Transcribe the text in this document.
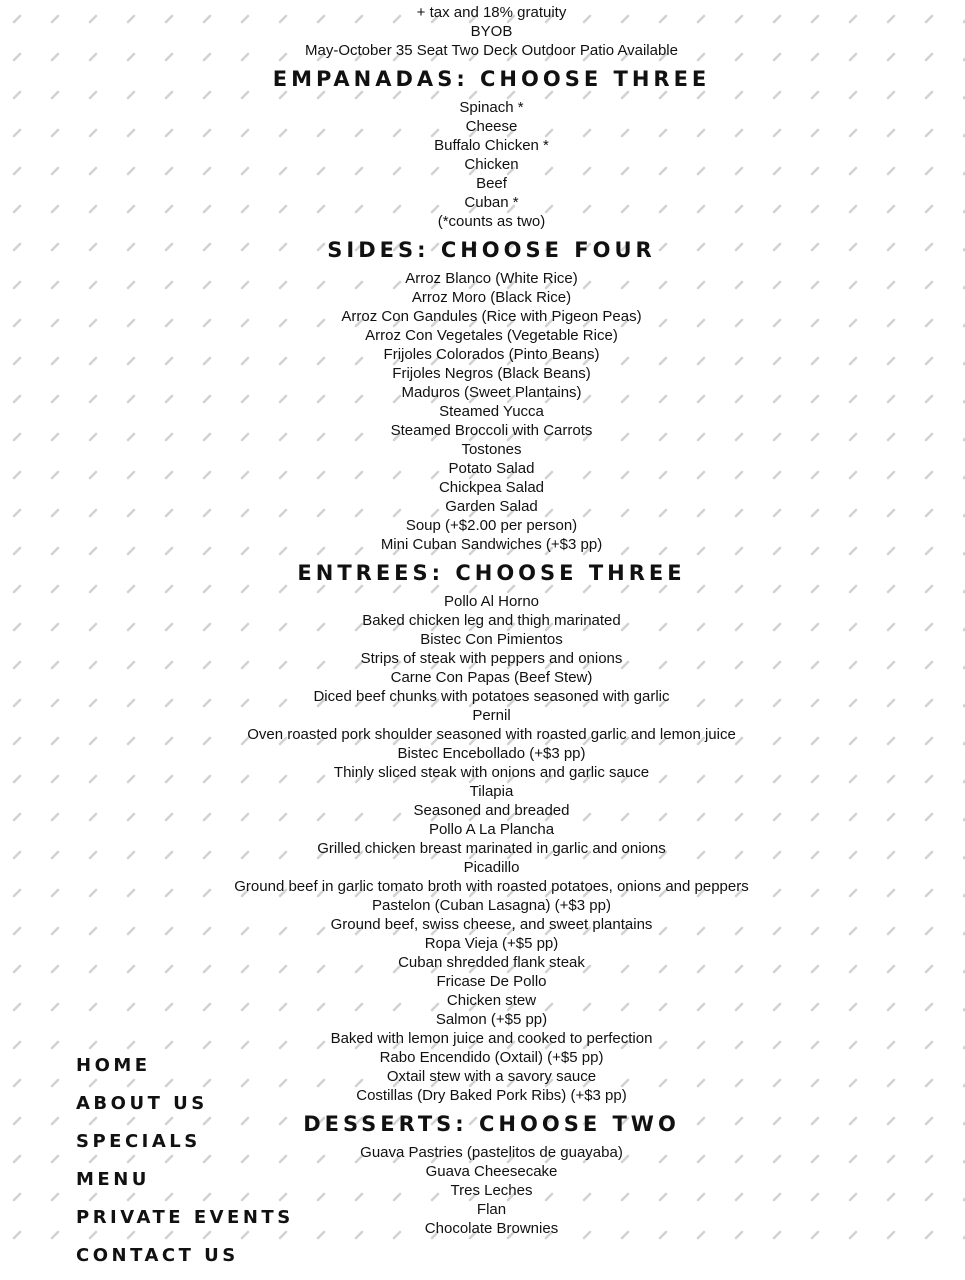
+ tax and 18% gratuity
BYOB
May-October 35 Seat Two Deck Outdoor Patio Available
EMPANADAS: CHOOSE THREE
Spinach *
Cheese
Buffalo Chicken *
Chicken
Beef
Cuban *
(*counts as two)
SIDES: CHOOSE FOUR
Arroz Blanco (White Rice)
Arroz Moro (Black Rice)
Arroz Con Gandules (Rice with Pigeon Peas)
Arroz Con Vegetales (Vegetable Rice)
Frijoles Colorados (Pinto Beans)
Frijoles Negros (Black Beans)
Maduros (Sweet Plantains)
Steamed Yucca
Steamed Broccoli with Carrots
Tostones
Potato Salad
Chickpea Salad
Garden Salad
Soup (+$2.00 per person)
Mini Cuban Sandwiches (+$3 pp)
ENTREES: CHOOSE THREE
Pollo Al Horno
Baked chicken leg and thigh marinated
Bistec Con Pimientos
Strips of steak with peppers and onions
Carne Con Papas (Beef Stew)
Diced beef chunks with potatoes seasoned with garlic
Pernil
Oven roasted pork shoulder seasoned with roasted garlic and lemon juice
Bistec Encebollado (+$3 pp)
Thinly sliced steak with onions and garlic sauce
Tilapia
Seasoned and breaded
Pollo A La Plancha
Grilled chicken breast marinated in garlic and onions
Picadillo
Ground beef in garlic tomato broth with roasted potatoes, onions and peppers
Pastelon (Cuban Lasagna) (+$3 pp)
Ground beef, swiss cheese, and sweet plantains
Ropa Vieja (+$5 pp)
Cuban shredded flank steak
Fricase De Pollo
Chicken stew
Salmon (+$5 pp)
Baked with lemon juice and cooked to perfection
Rabo Encendido (Oxtail) (+$5 pp)
Oxtail stew with a savory sauce
Costillas (Dry Baked Pork Ribs) (+$3 pp)
DESSERTS: CHOOSE TWO
Guava Pastries (pastelitos de guayaba)
Guava Cheesecake
Tres Leches
Flan
Chocolate Brownies
HOME
ABOUT US
SPECIALS
MENU
PRIVATE EVENTS
CONTACT US
